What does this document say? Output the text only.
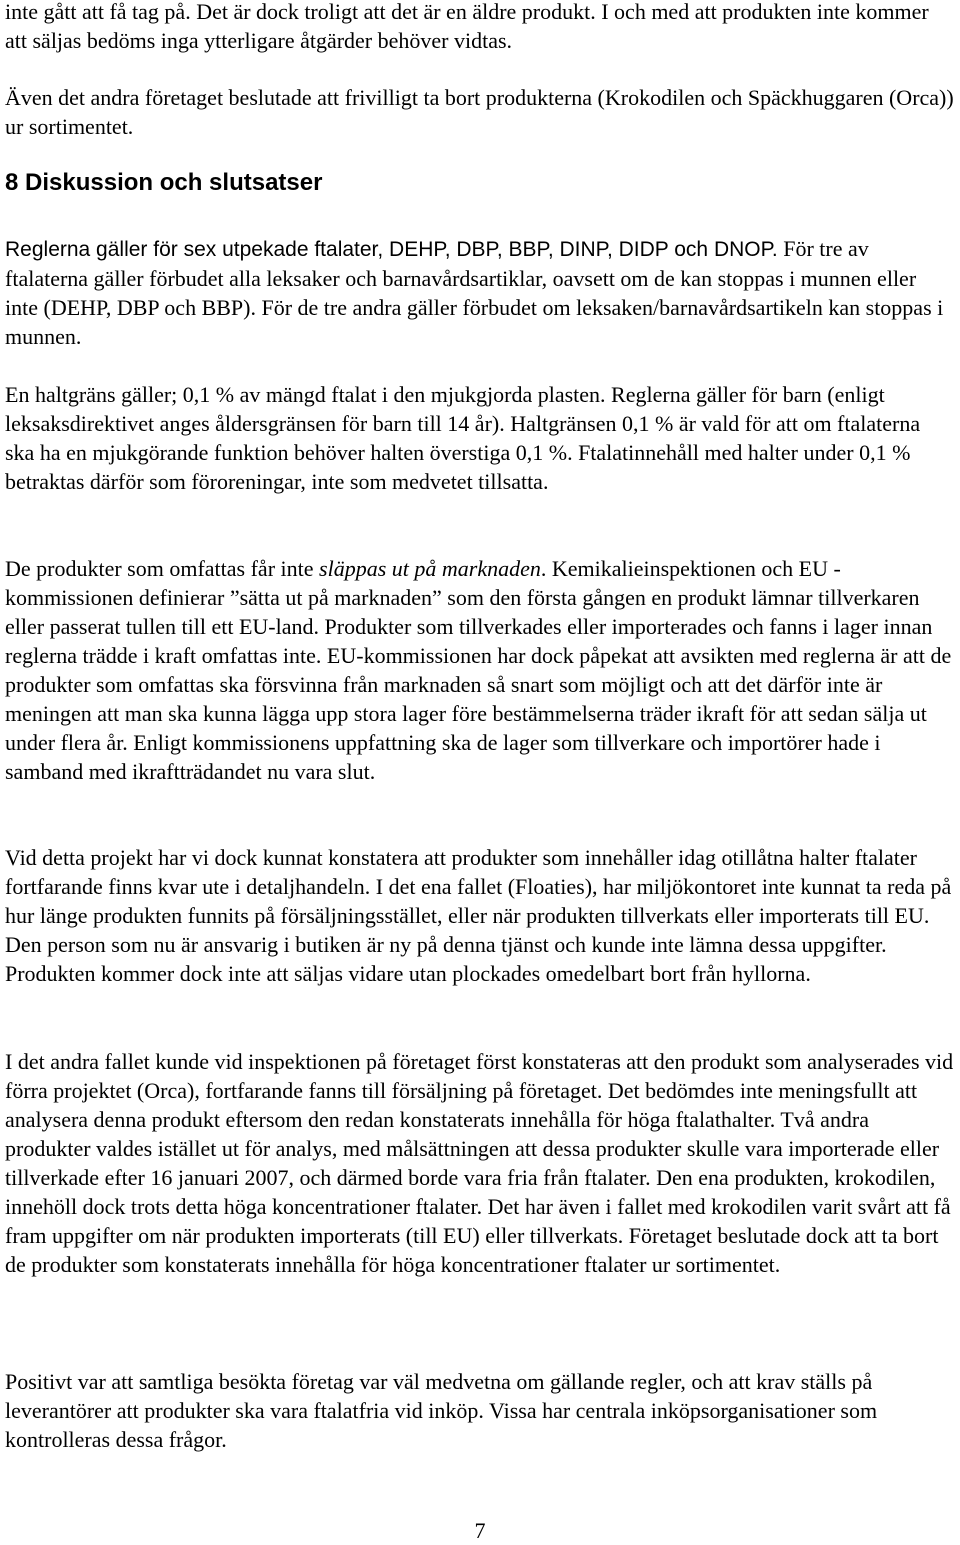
inte gått att få tag på. Det är dock troligt att det är en äldre produkt. I och med att produkten inte kommer att säljas bedöms inga ytterligare åtgärder behöver vidtas.

Även det andra företaget beslutade att frivilligt ta bort produkterna (Krokodilen och Späckhuggaren (Orca)) ur sortimentet.

8 Diskussion och slutsatser

Reglerna gäller för sex utpekade ftalater, DEHP, DBP, BBP, DINP, DIDP och DNOP. För tre av ftalaterna gäller förbudet alla leksaker och barnavårdsartiklar, oavsett om de kan stoppas i munnen eller inte (DEHP, DBP och BBP). För de tre andra gäller förbudet om leksaken/barnavårdsartikeln kan stoppas i munnen.

En haltgräns gäller; 0,1 % av mängd ftalat i den mjukgjorda plasten. Reglerna gäller för barn (enligt leksaksdirektivet anges åldersgränsen för barn till 14 år). Haltgränsen 0,1 % är vald för att om ftalaterna ska ha en mjukgörande funktion behöver halten överstiga 0,1 %. Ftalatinnehåll med halter under 0,1 % betraktas därför som föroreningar, inte som medvetet tillsatta.

De produkter som omfattas får inte släppas ut på marknaden. Kemikalieinspektionen och EU - kommissionen definierar ”sätta ut på marknaden” som den första gången en produkt lämnar tillverkaren eller passerat tullen till ett EU-land. Produkter som tillverkades eller importerades och fanns i lager innan reglerna trädde i kraft omfattas inte. EU-kommissionen har dock påpekat att avsikten med reglerna är att de produkter som omfattas ska försvinna från marknaden så snart som möjligt och att det därför inte är meningen att man ska kunna lägga upp stora lager före bestämmelserna träder ikraft för att sedan sälja ut under flera år. Enligt kommissionens uppfattning ska de lager som tillverkare och importörer hade i samband med ikraftträdandet nu vara slut.

Vid detta projekt har vi dock kunnat konstatera att produkter som innehåller idag otillåtna halter ftalater fortfarande finns kvar ute i detaljhandeln. I det ena fallet (Floaties), har miljökontoret inte kunnat ta reda på hur länge produkten funnits på försäljningsstället, eller när produkten tillverkats eller importerats till EU. Den person som nu är ansvarig i butiken är ny på denna tjänst och kunde inte lämna dessa uppgifter. Produkten kommer dock inte att säljas vidare utan plockades omedelbart bort från hyllorna.

I det andra fallet kunde vid inspektionen på företaget först konstateras att den produkt som analyserades vid förra projektet (Orca), fortfarande fanns till försäljning på företaget. Det bedömdes inte meningsfullt att analysera denna produkt eftersom den redan konstaterats innehålla för höga ftalathalter. Två andra produkter valdes istället ut för analys, med målsättningen att dessa produkter skulle vara importerade eller tillverkade efter 16 januari 2007, och därmed borde vara fria från ftalater. Den ena produkten, krokodilen, innehöll dock trots detta höga koncentrationer ftalater. Det har även i fallet med krokodilen varit svårt att få fram uppgifter om när produkten importerats (till EU) eller tillverkats. Företaget beslutade dock att ta bort de produkter som konstaterats innehålla för höga koncentrationer ftalater ur sortimentet.

Positivt var att samtliga besökta företag var väl medvetna om gällande regler, och att krav ställs på leverantörer att produkter ska vara ftalatfria vid inköp. Vissa har centrala inköpsorganisationer som kontrolleras dessa frågor.

7
